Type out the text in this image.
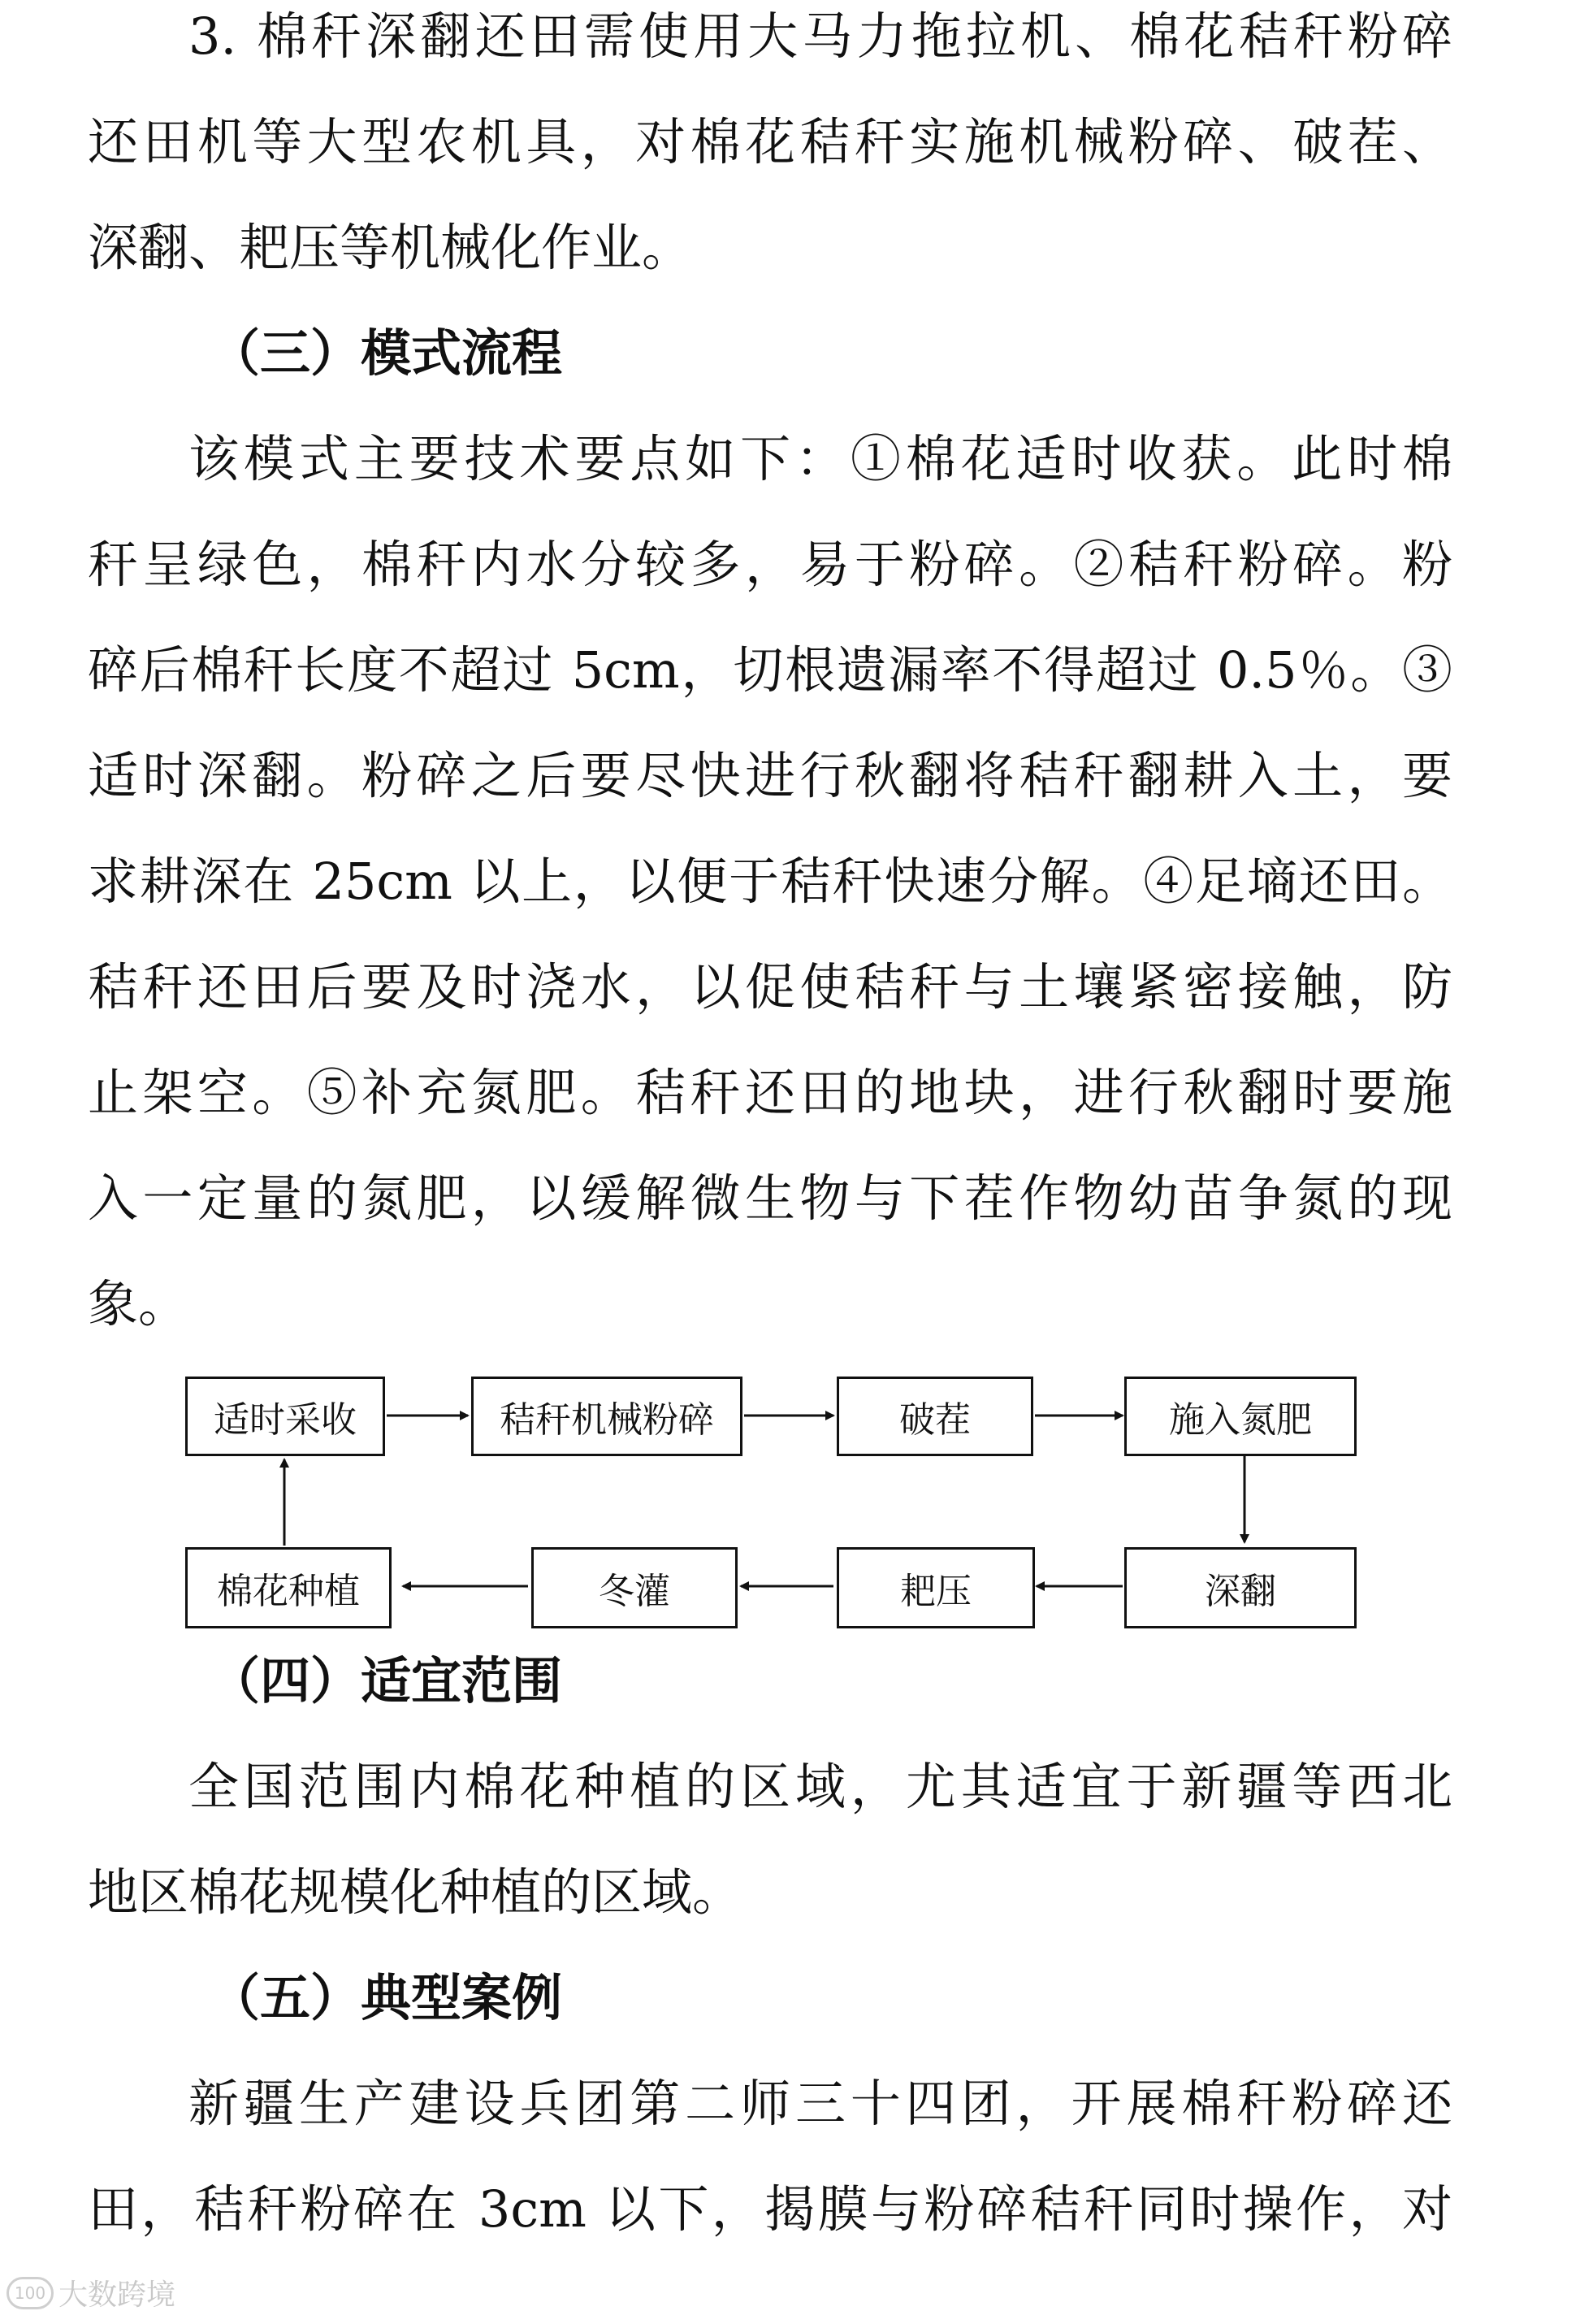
3. 棉秆深翻还田需使用大马力拖拉机、棉花秸秆粉碎
还田机等大型农机具，对棉花秸秆实施机械粉碎、破茬、
深翻、耙压等机械化作业。
（三）模式流程
该模式主要技术要点如下：①棉花适时收获。此时棉
秆呈绿色，棉秆内水分较多，易于粉碎。②秸秆粉碎。粉
碎后棉秆长度不超过 5cm，切根遗漏率不得超过 0.5％。③
适时深翻。粉碎之后要尽快进行秋翻将秸秆翻耕入土，要
求耕深在 25cm 以上，以便于秸秆快速分解。④足墒还田。
秸秆还田后要及时浇水，以促使秸秆与土壤紧密接触，防
止架空。⑤补充氮肥。秸秆还田的地块，进行秋翻时要施
入一定量的氮肥，以缓解微生物与下茬作物幼苗争氮的现
象。
适时采收	秸秆机械粉碎	破茬	施入氮肥
棉花种植	冬灌	耙压	深翻
（四）适宜范围
全国范围内棉花种植的区域，尤其适宜于新疆等西北
地区棉花规模化种植的区域。
（五）典型案例
新疆生产建设兵团第二师三十四团，开展棉秆粉碎还
田，秸秆粉碎在 3cm 以下，揭膜与粉碎秸秆同时操作，对
100 大数跨境
